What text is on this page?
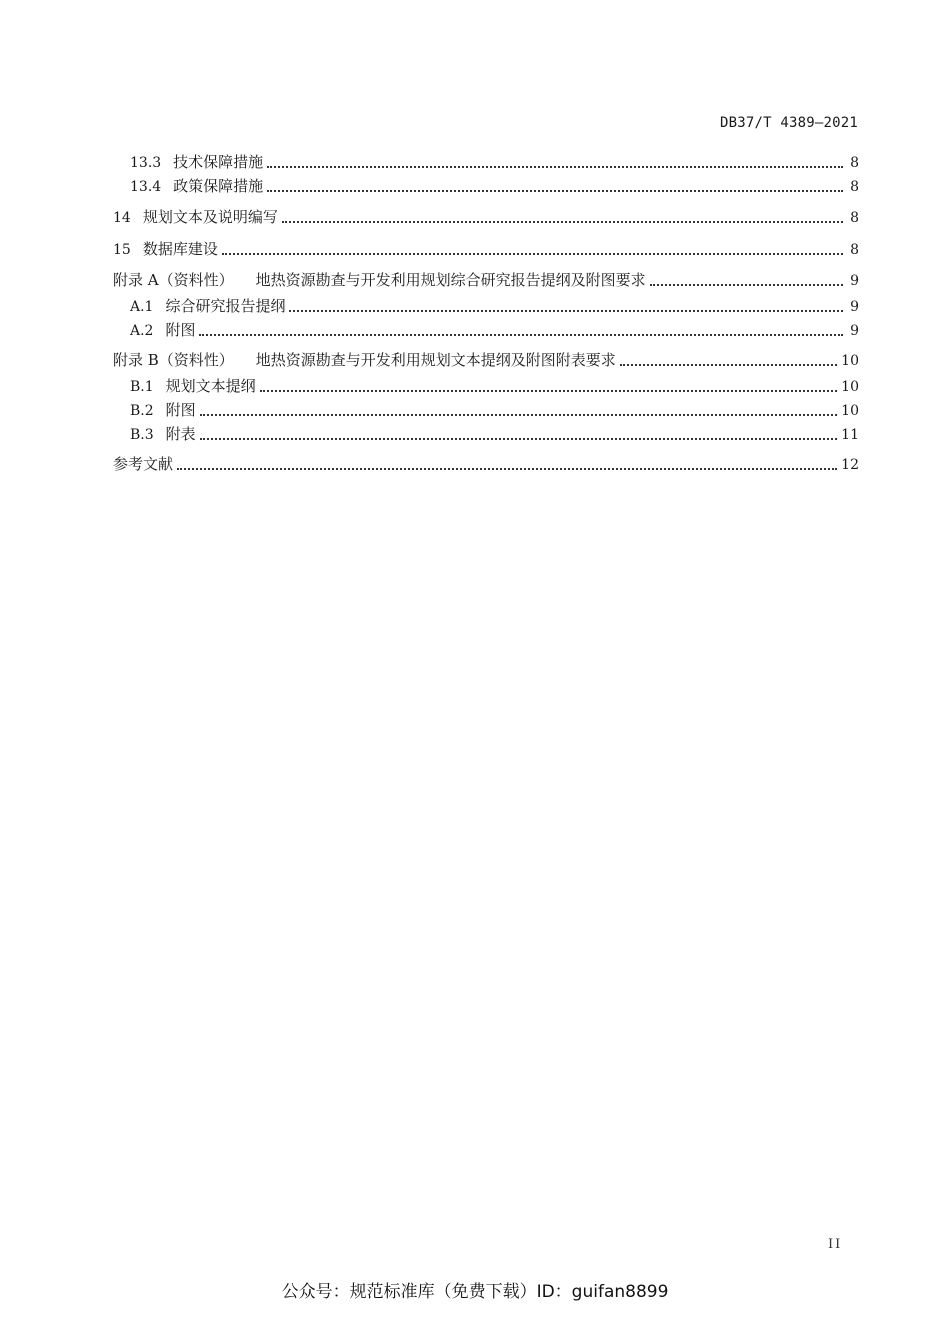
DB37/T 4389—2021
13.3 技术保障措施	8
13.4 政策保障措施	8
14 规划文本及说明编写	8
15 数据库建设	8
附录 A（资料性） 地热资源勘查与开发利用规划综合研究报告提纲及附图要求	9
A.1 综合研究报告提纲	9
A.2 附图	9
附录 B（资料性） 地热资源勘查与开发利用规划文本提纲及附图附表要求	10
B.1 规划文本提纲	10
B.2 附图	10
B.3 附表	11
参考文献	12
II
公众号：规范标准库（免费下载）ID：guifan8899
